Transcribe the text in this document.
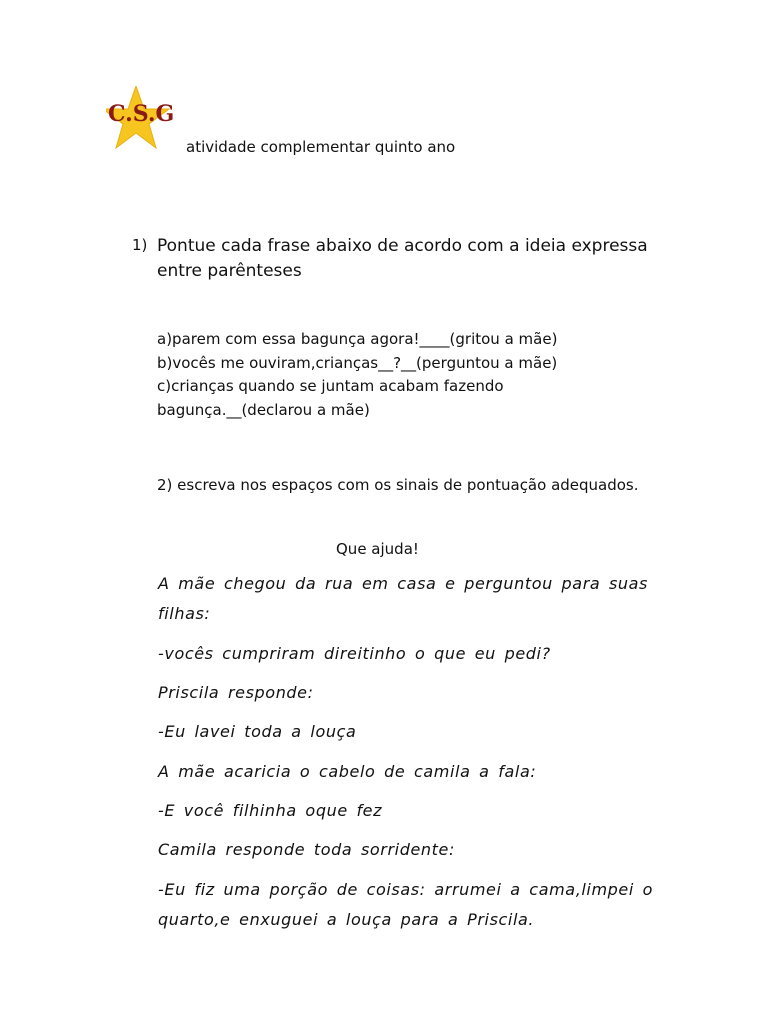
C.S.G
atividade complementar quinto ano
1) Pontue cada frase abaixo de acordo com a ideia expressa entre parênteses
a)parem com essa bagunça agora!____(gritou a mãe)
b)vocês me ouviram,crianças__?__(perguntou a mãe)
c)crianças quando se juntam acabam fazendo bagunça.__(declarou a mãe)
2) escreva nos espaços com os sinais de pontuação adequados.
Que ajuda!
A mãe chegou da rua em casa e perguntou para suas
filhas:
-vocês cumpriram direitinho o que eu pedi?
Priscila responde:
-Eu lavei toda a louça
A mãe acaricia o cabelo de camila a fala:
-E você filhinha oque fez
Camila responde toda sorridente:
-Eu fiz uma porção de coisas: arrumei a cama,limpei o
quarto,e enxuguei a louça para a Priscila.
